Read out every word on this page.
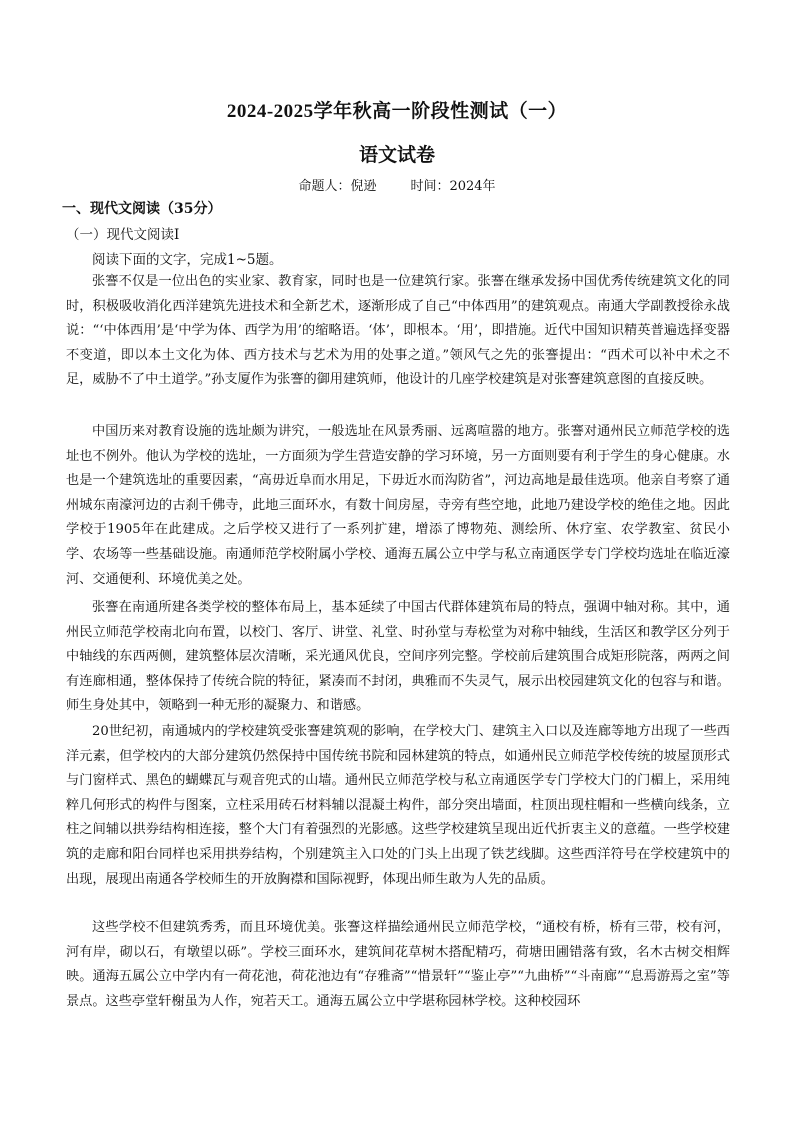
2024-2025学年秋高一阶段性测试（一）
语文试卷
命题人：倪逊	时间：2024年
一、现代文阅读（35分）
（一）现代文阅读Ⅰ
阅读下面的文字，完成1~5题。

张謇不仅是一位出色的实业家、教育家，同时也是一位建筑行家。张謇在继承发扬中国优秀传统建筑文化的同时，积极吸收消化西洋建筑先进技术和全新艺术，逐渐形成了自己“中体西用”的建筑观点。南通大学副教授徐永战说：“‘中体西用’是‘中学为体、西学为用’的缩略语。‘体’，即根本。‘用’，即措施。近代中国知识精英普遍选择变器不变道，即以本土文化为体、西方技术与艺术为用的处事之道。”领风气之先的张謇提出：“西术可以补中术之不足，威胁不了中土道学。”孙支厦作为张謇的御用建筑师，他设计的几座学校建筑是对张謇建筑意图的直接反映。

中国历来对教育设施的选址颇为讲究，一般选址在风景秀丽、远离喧嚣的地方。张謇对通州民立师范学校的选址也不例外。他认为学校的选址，一方面须为学生营造安静的学习环境，另一方面则要有利于学生的身心健康。水也是一个建筑选址的重要因素，“高毋近阜而水用足，下毋近水而沟防省”，河边高地是最佳选项。他亲自考察了通州城东南濠河边的古刹千佛寺，此地三面环水，有数十间房屋，寺旁有些空地，此地乃建设学校的绝佳之地。因此学校于1905年在此建成。之后学校又进行了一系列扩建，增添了博物苑、测绘所、休疗室、农学教室、贫民小学、农场等一些基础设施。南通师范学校附属小学校、通海五属公立中学与私立南通医学专门学校均选址在临近濠河、交通便利、环境优美之处。

张謇在南通所建各类学校的整体布局上，基本延续了中国古代群体建筑布局的特点，强调中轴对称。其中，通州民立师范学校南北向布置，以校门、客厅、讲堂、礼堂、时孙堂与寿松堂为对称中轴线，生活区和教学区分列于中轴线的东西两侧，建筑整体层次清晰，采光通风优良，空间序列完整。学校前后建筑围合成矩形院落，两两之间有连廊相通，整体保持了传统合院的特征，紧凑而不封闭，典雅而不失灵气，展示出校园建筑文化的包容与和谐。师生身处其中，领略到一种无形的凝聚力、和谐感。

20世纪初，南通城内的学校建筑受张謇建筑观的影响，在学校大门、建筑主入口以及连廊等地方出现了一些西洋元素，但学校内的大部分建筑仍然保持中国传统书院和园林建筑的特点，如通州民立师范学校传统的坡屋顶形式与门窗样式、黑色的蝴蝶瓦与观音兜式的山墙。通州民立师范学校与私立南通医学专门学校大门的门楣上，采用纯粹几何形式的构件与图案，立柱采用砖石材料辅以混凝土构件，部分突出墙面，柱顶出现柱帽和一些横向线条，立柱之间辅以拱券结构相连接，整个大门有着强烈的光影感。这些学校建筑呈现出近代折衷主义的意蕴。一些学校建筑的走廊和阳台同样也采用拱券结构，个别建筑主入口处的门头上出现了铁艺线脚。这些西洋符号在学校建筑中的出现，展现出南通各学校师生的开放胸襟和国际视野，体现出师生敢为人先的品质。

这些学校不但建筑秀秀，而且环境优美。张謇这样描绘通州民立师范学校，“通校有桥，桥有三带，校有河，河有岸，砌以石，有墩望以砾”。学校三面环水，建筑间花草树木搭配精巧，荷塘田圃错落有致，名木古树交相辉映。通海五属公立中学内有一荷花池，荷花池边有“存雅斋”“惜景轩”“鉴止亭”“九曲桥”“斗南廊”“息焉游焉之室”等景点。这些亭堂轩榭虽为人作，宛若天工。通海五属公立中学堪称园林学校。这种校园环
